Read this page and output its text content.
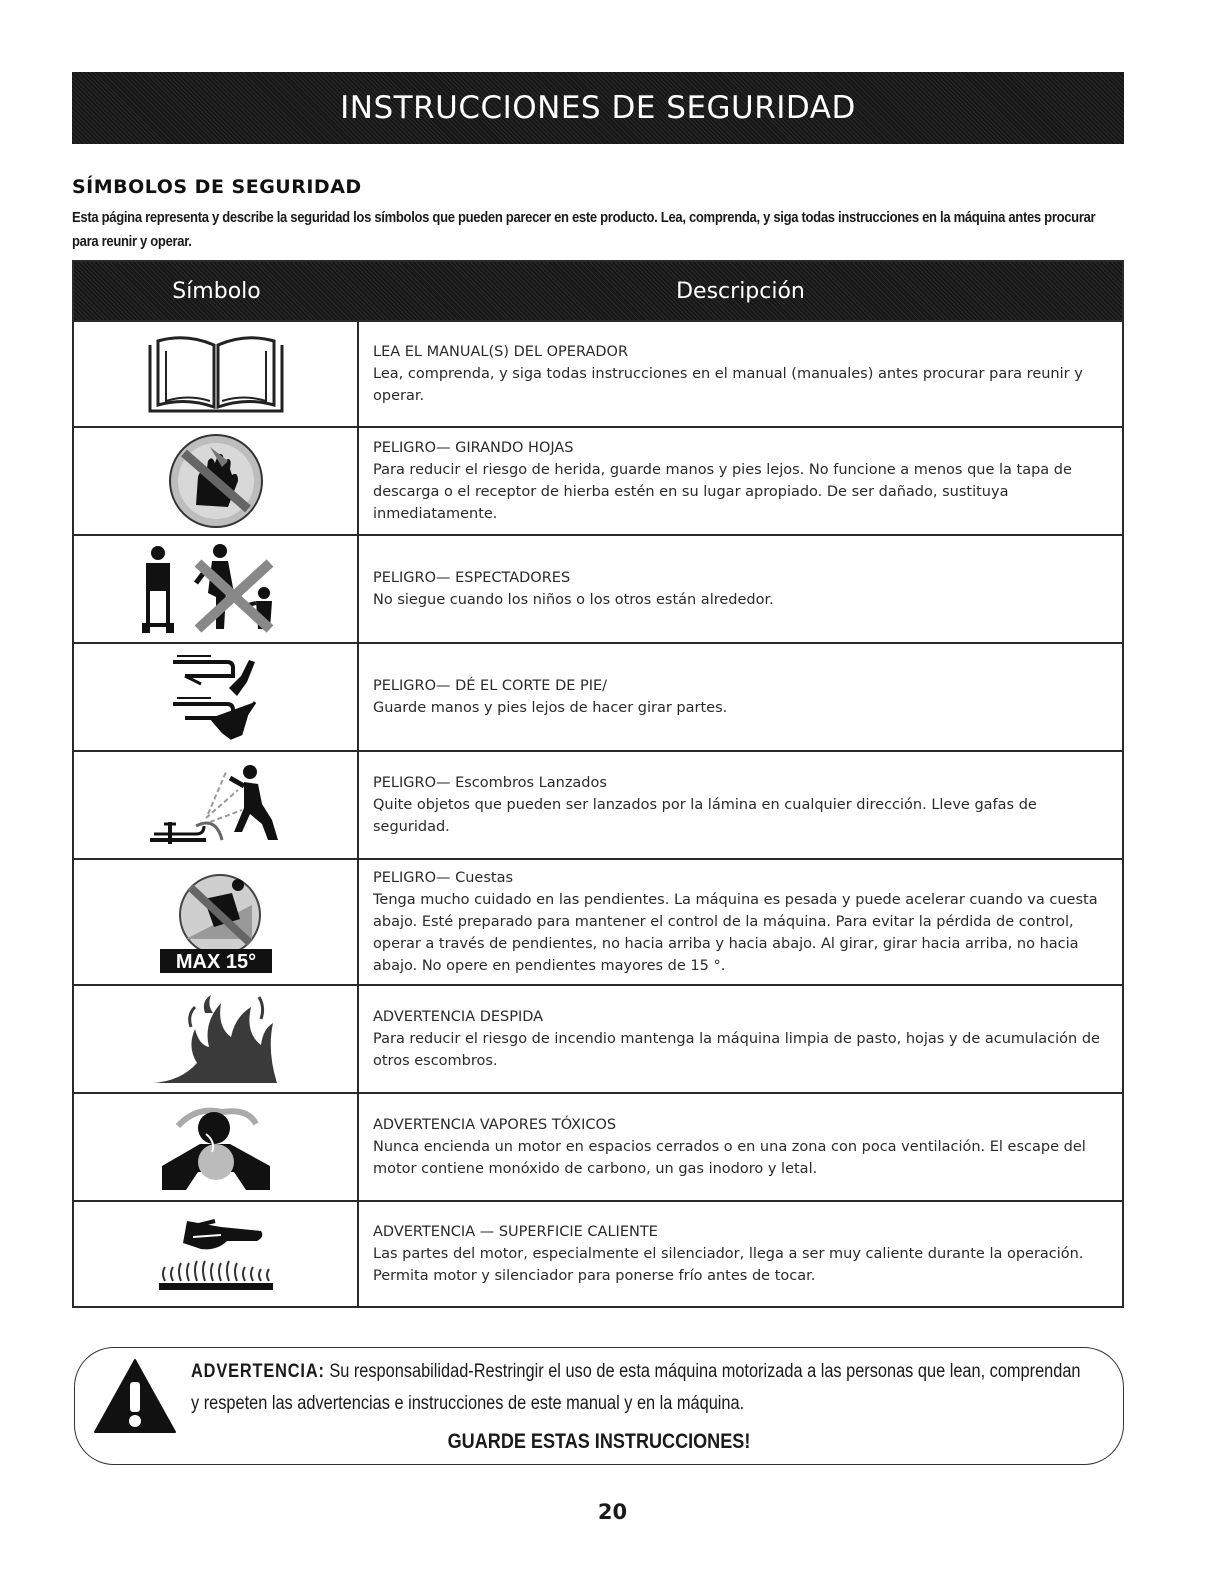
INSTRUCCIONES DE SEGURIDAD
SÍMBOLOS DE SEGURIDAD

Esta página representa y describe la seguridad los símbolos que pueden parecer en este producto. Lea, comprenda, y siga todas instrucciones en la máquina antes procurar para reunir y operar.

Símbolo	Descripción

LEA EL MANUAL(S) DEL OPERADOR

Lea, comprenda, y siga todas instrucciones en el manual (manuales) antes procurar para reunir y operar.

PELIGRO— GIRANDO HOJAS

Para reducir el riesgo de herida, guarde manos y pies lejos. No funcione a menos que la tapa de descarga o el receptor de hierba estén en su lugar apropiado. De ser dañado, sustituya inmediatamente.

PELIGRO— ESPECTADORES

No siegue cuando los niños o los otros están alrededor.

PELIGRO— DÉ EL CORTE DE PIE/

Guarde manos y pies lejos de hacer girar partes.

PELIGRO— Escombros Lanzados

Quite objetos que pueden ser lanzados por la lámina en cualquier dirección. Lleve gafas de seguridad.

MAX 15°

PELIGRO— Cuestas

Tenga mucho cuidado en las pendientes. La máquina es pesada y puede acelerar cuando va cuesta abajo. Esté preparado para mantener el control de la máquina. Para evitar la pérdida de control, operar a través de pendientes, no hacia arriba y hacia abajo. Al girar, girar hacia arriba, no hacia abajo. No opere en pendientes mayores de 15 °.

ADVERTENCIA DESPIDA

Para reducir el riesgo de incendio mantenga la máquina limpia de pasto, hojas y de acumulación de otros escombros.

ADVERTENCIA VAPORES TÓXICOS

Nunca encienda un motor en espacios cerrados o en una zona con poca ventilación. El escape del motor contiene monóxido de carbono, un gas inodoro y letal.

ADVERTENCIA — SUPERFICIE CALIENTE

Las partes del motor, especialmente el silenciador, llega a ser muy caliente durante la operación. Permita motor y silenciador para ponerse frío antes de tocar.

ADVERTENCIA: Su responsabilidad-Restringir el uso de esta máquina motorizada a las personas que lean, comprendan y respeten las advertencias e instrucciones de este manual y en la máquina.

GUARDE ESTAS INSTRUCCIONES!

20
